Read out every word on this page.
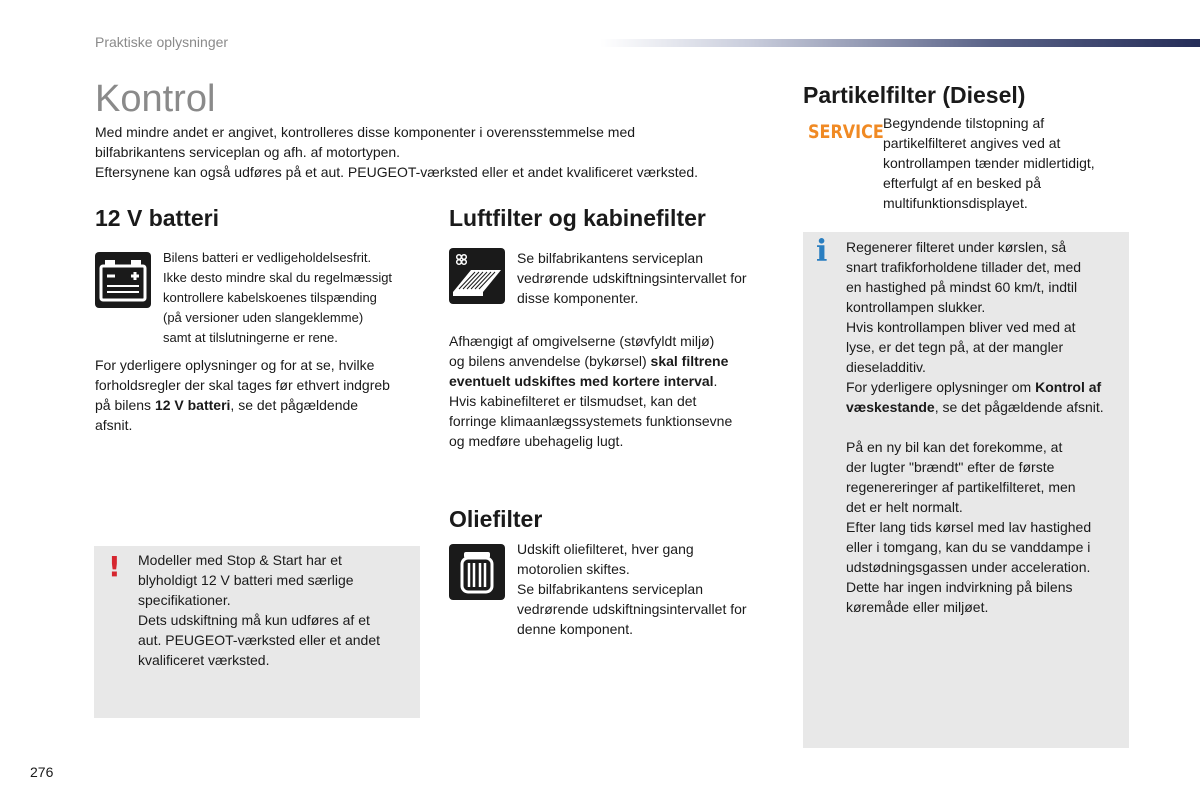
Praktiske oplysninger
Kontrol

Med mindre andet er angivet, kontrolleres disse komponenter i overensstemmelse med

bilfabrikantens serviceplan og afh. af motortypen.

Eftersynene kan også udføres på et aut. PEUGEOT-værksted eller et andet kvalificeret værksted.

12 V batteri
Bilens batteri er vedligeholdelsesfrit.
Ikke desto mindre skal du regelmæssigt
kontrollere kabelskoenes tilspænding
(på versioner uden slangeklemme)
samt at tilslutningerne er rene.

For yderligere oplysninger og for at se, hvilke

forholdsregler der skal tages før ethvert indgreb

på bilens 12 V batteri, se det pågældende

afsnit.

! Modeller med Stop & Start har et

blyholdigt 12 V batteri med særlige

specifikationer.

Dets udskiftning må kun udføres af et

aut. PEUGEOT-værksted eller et andet

kvalificeret værksted.

Luftfilter og kabinefilter

Se bilfabrikantens serviceplan

vedrørende udskiftningsintervallet for

disse komponenter.

Afhængigt af omgivelserne (støvfyldt miljø)

og bilens anvendelse (bykørsel) skal filtrene

eventuelt udskiftes med kortere interval.

Hvis kabinefilteret er tilsmudset, kan det

forringe klimaanlægssystemets funktionsevne

og medføre ubehagelig lugt.

Oliefilter

Udskift oliefilteret, hver gang

motorolien skiftes.

Se bilfabrikantens serviceplan

vedrørende udskiftningsintervallet for

denne komponent.

Partikelfilter (Diesel)
SERVICE Begyndende tilstopning af

partikelfilteret angives ved at

kontrollampen tænder midlertidigt,

efterfulgt af en besked på

multifunktionsdisplayet.

i Regenerer filteret under kørslen, så

snart trafikforholdene tillader det, med

en hastighed på mindst 60 km/t, indtil

kontrollampen slukker.

Hvis kontrollampen bliver ved med at

lyse, er det tegn på, at der mangler

dieseladditiv.

For yderligere oplysninger om Kontrol af

væskestande, se det pågældende afsnit.

På en ny bil kan det forekomme, at

der lugter "brændt" efter de første

regenereringer af partikelfilteret, men

det er helt normalt.

Efter lang tids kørsel med lav hastighed

eller i tomgang, kan du se vanddampe i

udstødningsgassen under acceleration.

Dette har ingen indvirkning på bilens

køremåde eller miljøet.

276
